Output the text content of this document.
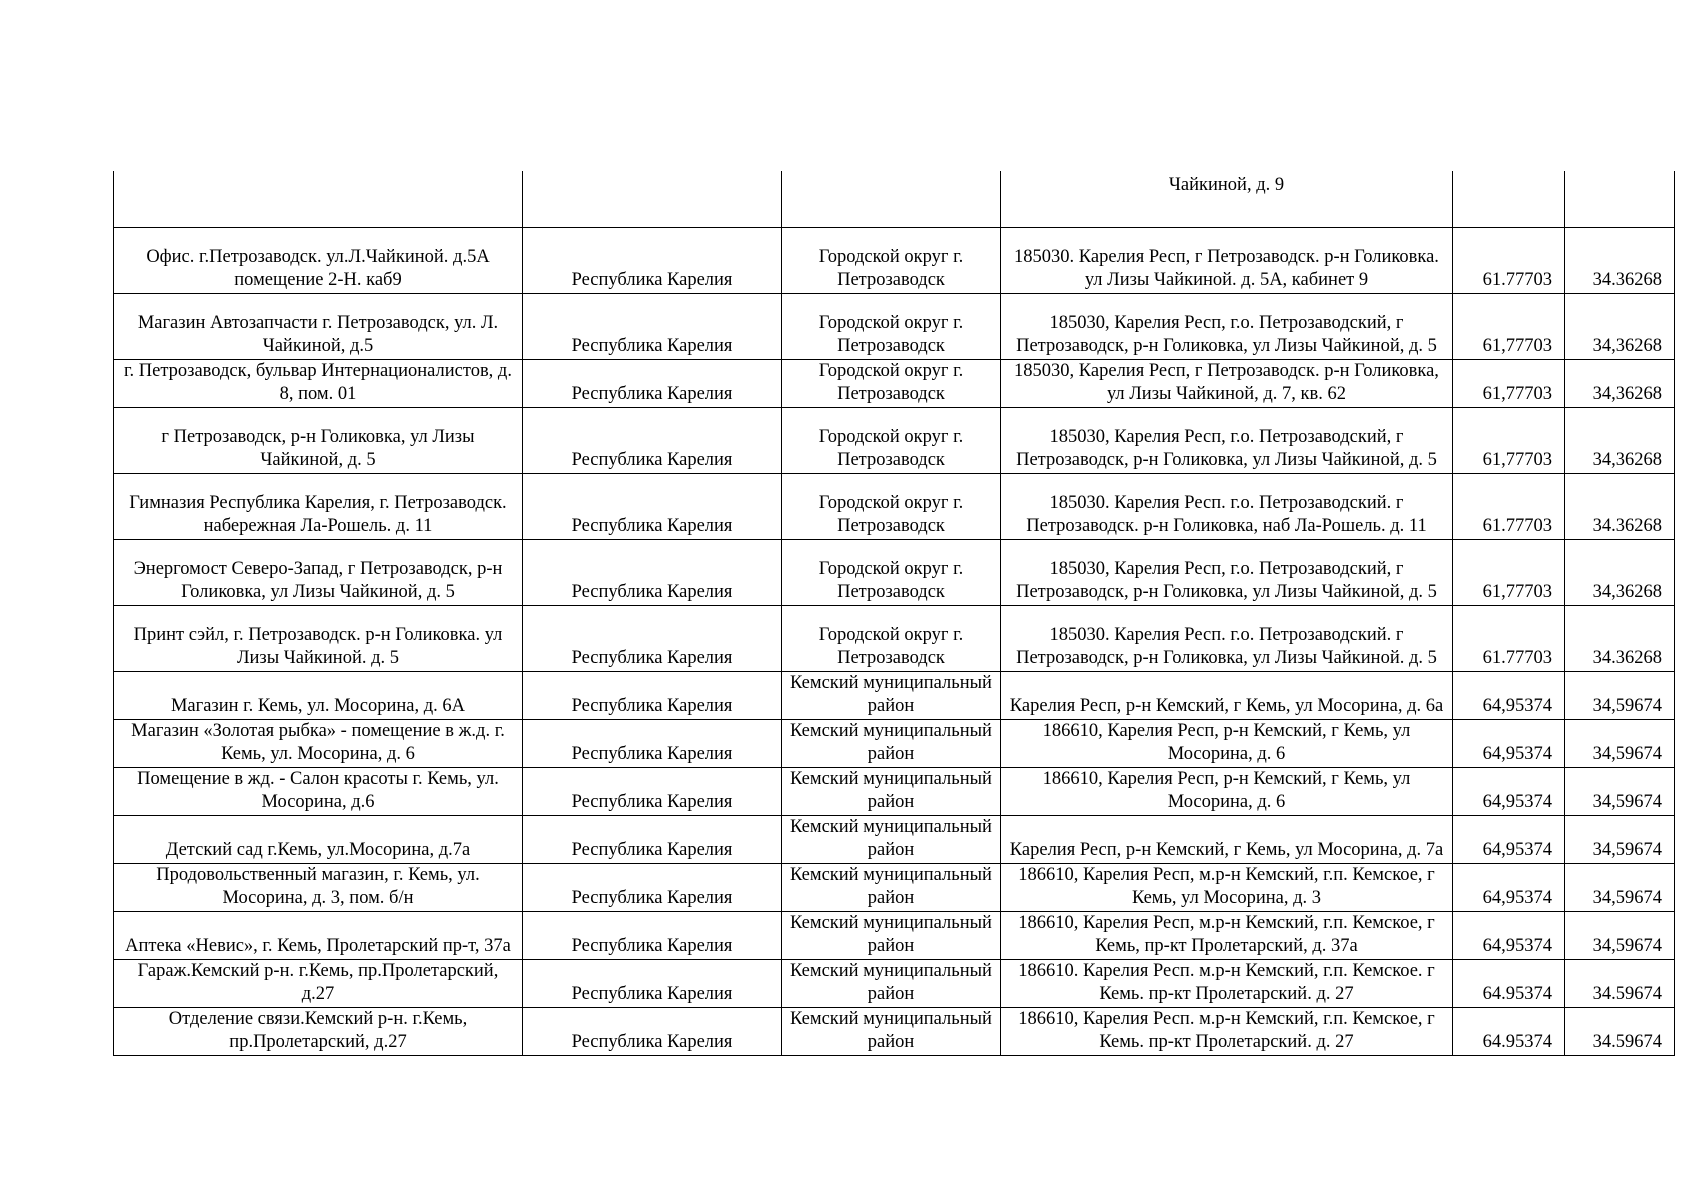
			Чайкиной, д. 9		
Офис. г.Петрозаводск. ул.Л.Чайкиной. д.5А помещение 2-Н. каб9	Республика Карелия	Городской округ г. Петрозаводск	185030. Карелия Респ, г Петрозаводск. р-н Голиковка. ул Лизы Чайкиной. д. 5А, кабинет 9	61.77703	34.36268
Магазин Автозапчасти г. Петрозаводск, ул. Л. Чайкиной, д.5	Республика Карелия	Городской округ г. Петрозаводск	185030, Карелия Респ, г.о. Петрозаводский, г Петрозаводск, р-н Голиковка, ул Лизы Чайкиной, д. 5	61,77703	34,36268
г. Петрозаводск, бульвар Интернационалистов, д. 8, пом. 01	Республика Карелия	Городской округ г. Петрозаводск	185030, Карелия Респ, г Петрозаводск. р-н Голиковка, ул Лизы Чайкиной, д. 7, кв. 62	61,77703	34,36268
г Петрозаводск, р-н Голиковка, ул Лизы Чайкиной, д. 5	Республика Карелия	Городской округ г. Петрозаводск	185030, Карелия Респ, г.о. Петрозаводский, г Петрозаводск, р-н Голиковка, ул Лизы Чайкиной, д. 5	61,77703	34,36268
Гимназия Республика Карелия, г. Петрозаводск. набережная Ла-Рошель. д. 11	Республика Карелия	Городской округ г. Петрозаводск	185030. Карелия Респ. г.о. Петрозаводский. г Петрозаводск. р-н Голиковка, наб Ла-Рошель. д. 11	61.77703	34.36268
Энергомост Северо-Запад, г Петрозаводск, р-н Голиковка, ул Лизы Чайкиной, д. 5	Республика Карелия	Городской округ г. Петрозаводск	185030, Карелия Респ, г.о. Петрозаводский, г Петрозаводск, р-н Голиковка, ул Лизы Чайкиной, д. 5	61,77703	34,36268
Принт сэйл, г. Петрозаводск. р-н Голиковка. ул Лизы Чайкиной. д. 5	Республика Карелия	Городской округ г. Петрозаводск	185030. Карелия Респ. г.о. Петрозаводский. г Петрозаводск, р-н Голиковка, ул Лизы Чайкиной. д. 5	61.77703	34.36268
Магазин г. Кемь, ул. Мосорина, д. 6А	Республика Карелия	Кемский муниципальный район	Карелия Респ, р-н Кемский, г Кемь, ул Мосорина, д. 6а	64,95374	34,59674
Магазин «Золотая рыбка» - помещение в ж.д. г. Кемь, ул. Мосорина, д. 6	Республика Карелия	Кемский муниципальный район	186610, Карелия Респ, р-н Кемский, г Кемь, ул Мосорина, д. 6	64,95374	34,59674
Помещение в жд. - Салон красоты г. Кемь, ул. Мосорина, д.6	Республика Карелия	Кемский муниципальный район	186610, Карелия Респ, р-н Кемский, г Кемь, ул Мосорина, д. 6	64,95374	34,59674
Детский сад г.Кемь, ул.Мосорина, д.7а	Республика Карелия	Кемский муниципальный район	Карелия Респ, р-н Кемский, г Кемь, ул Мосорина, д. 7а	64,95374	34,59674
Продовольственный магазин, г. Кемь, ул. Мосорина, д. 3, пом. б/н	Республика Карелия	Кемский муниципальный район	186610, Карелия Респ, м.р-н Кемский, г.п. Кемское, г Кемь, ул Мосорина, д. 3	64,95374	34,59674
Аптека «Невис», г. Кемь, Пролетарский пр-т, 37а	Республика Карелия	Кемский муниципальный район	186610, Карелия Респ, м.р-н Кемский, г.п. Кемское, г Кемь, пр-кт Пролетарский, д. 37а	64,95374	34,59674
Гараж.Кемский р-н. г.Кемь, пр.Пролетарский, д.27	Республика Карелия	Кемский муниципальный район	186610. Карелия Респ. м.р-н Кемский, г.п. Кемское. г Кемь. пр-кт Пролетарский. д. 27	64.95374	34.59674
Отделение связи.Кемский р-н. г.Кемь, пр.Пролетарский, д.27	Республика Карелия	Кемский муниципальный район	186610, Карелия Респ. м.р-н Кемский, г.п. Кемское, г Кемь. пр-кт Пролетарский. д. 27	64.95374	34.59674
